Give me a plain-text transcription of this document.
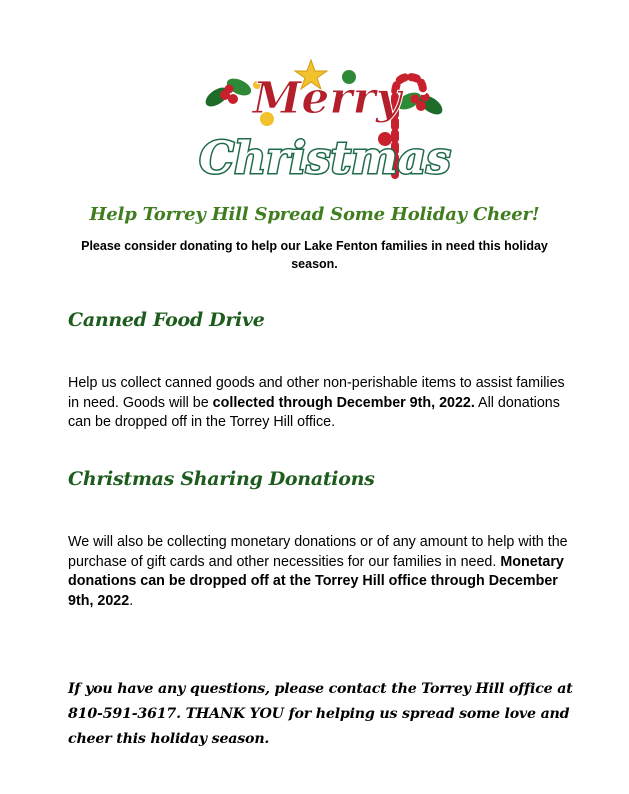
Merry
Christmas
Help Torrey Hill Spread Some Holiday Cheer!
Please consider donating to help our Lake Fenton families in need this holiday season.
Canned Food Drive
Help us collect canned goods and other non-perishable items to assist families in need. Goods will be collected through December 9th, 2022. All donations can be dropped off in the Torrey Hill office.
Christmas Sharing Donations
We will also be collecting monetary donations or of any amount to help with the purchase of gift cards and other necessities for our families in need. Monetary donations can be dropped off at the Torrey Hill office through December 9th, 2022.
If you have any questions, please contact the Torrey Hill office at 810-591-3617. THANK YOU for helping us spread some love and cheer this holiday season.
